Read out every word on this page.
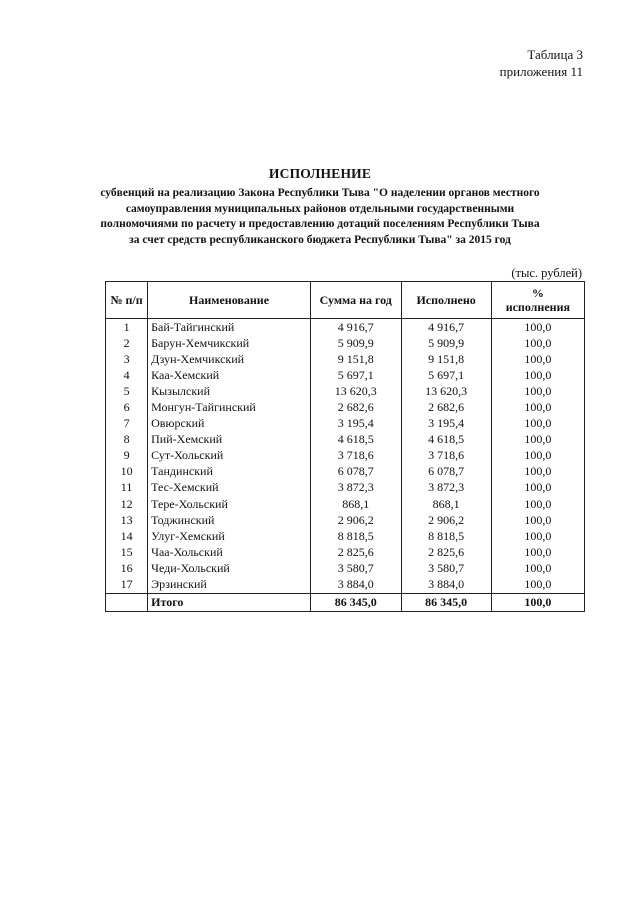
Таблица 3
приложения 11
ИСПОЛНЕНИЕ
субвенций на реализацию Закона Республики Тыва "О наделении органов местного самоуправления муниципальных районов отдельными государственными полномочиями по расчету и предоставлению дотаций поселениям Республики Тыва за счет средств республиканского бюджета Республики Тыва" за 2015 год
(тыс. рублей)
№ п/п	Наименование	Сумма на год	Исполнено	% исполнения
1	Бай-Тайгинский	4 916,7	4 916,7	100,0
2	Барун-Хемчикский	5 909,9	5 909,9	100,0
3	Дзун-Хемчикский	9 151,8	9 151,8	100,0
4	Каа-Хемский	5 697,1	5 697,1	100,0
5	Кызылский	13 620,3	13 620,3	100,0
6	Монгун-Тайгинский	2 682,6	2 682,6	100,0
7	Овюрский	3 195,4	3 195,4	100,0
8	Пий-Хемский	4 618,5	4 618,5	100,0
9	Сут-Хольский	3 718,6	3 718,6	100,0
10	Тандинский	6 078,7	6 078,7	100,0
11	Тес-Хемский	3 872,3	3 872,3	100,0
12	Тере-Хольский	868,1	868,1	100,0
13	Тоджинский	2 906,2	2 906,2	100,0
14	Улуг-Хемский	8 818,5	8 818,5	100,0
15	Чаа-Хольский	2 825,6	2 825,6	100,0
16	Чеди-Хольский	3 580,7	3 580,7	100,0
17	Эрзинский	3 884,0	3 884,0	100,0
	Итого	86 345,0	86 345,0	100,0
